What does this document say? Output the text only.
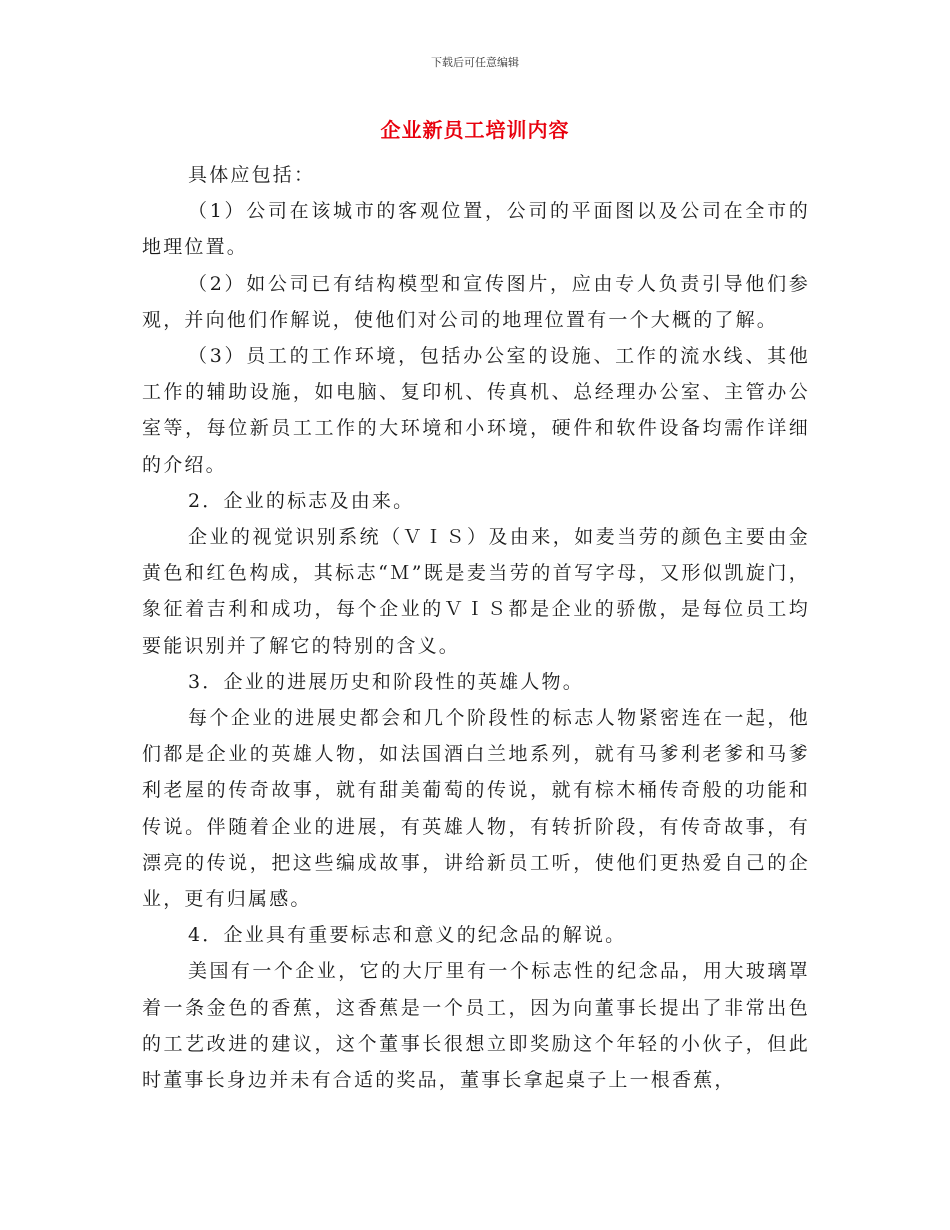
下载后可任意编辑
企业新员工培训内容

具体应包括：

（1）公司在该城市的客观位置，公司的平面图以及公司在全市的地理位置。

（2）如公司已有结构模型和宣传图片，应由专人负责引导他们参观，并向他们作解说，使他们对公司的地理位置有一个大概的了解。

（3）员工的工作环境，包括办公室的设施、工作的流水线、其他工作的辅助设施，如电脑、复印机、传真机、总经理办公室、主管办公室等，每位新员工工作的大环境和小环境，硬件和软件设备均需作详细的介绍。

2．企业的标志及由来。

企业的视觉识别系统（ＶＩＳ）及由来，如麦当劳的颜色主要由金黄色和红色构成，其标志“Ｍ”既是麦当劳的首写字母，又形似凯旋门，象征着吉利和成功，每个企业的ＶＩＳ都是企业的骄傲，是每位员工均要能识别并了解它的特别的含义。

3．企业的进展历史和阶段性的英雄人物。

每个企业的进展史都会和几个阶段性的标志人物紧密连在一起，他们都是企业的英雄人物，如法国酒白兰地系列，就有马爹利老爹和马爹利老屋的传奇故事，就有甜美葡萄的传说，就有棕木桶传奇般的功能和传说。伴随着企业的进展，有英雄人物，有转折阶段，有传奇故事，有漂亮的传说，把这些编成故事，讲给新员工听，使他们更热爱自己的企业，更有归属感。

4．企业具有重要标志和意义的纪念品的解说。

美国有一个企业，它的大厅里有一个标志性的纪念品，用大玻璃罩着一条金色的香蕉，这香蕉是一个员工，因为向董事长提出了非常出色的工艺改进的建议，这个董事长很想立即奖励这个年轻的小伙子，但此时董事长身边并未有合适的奖品，董事长拿起桌子上一根香蕉，
